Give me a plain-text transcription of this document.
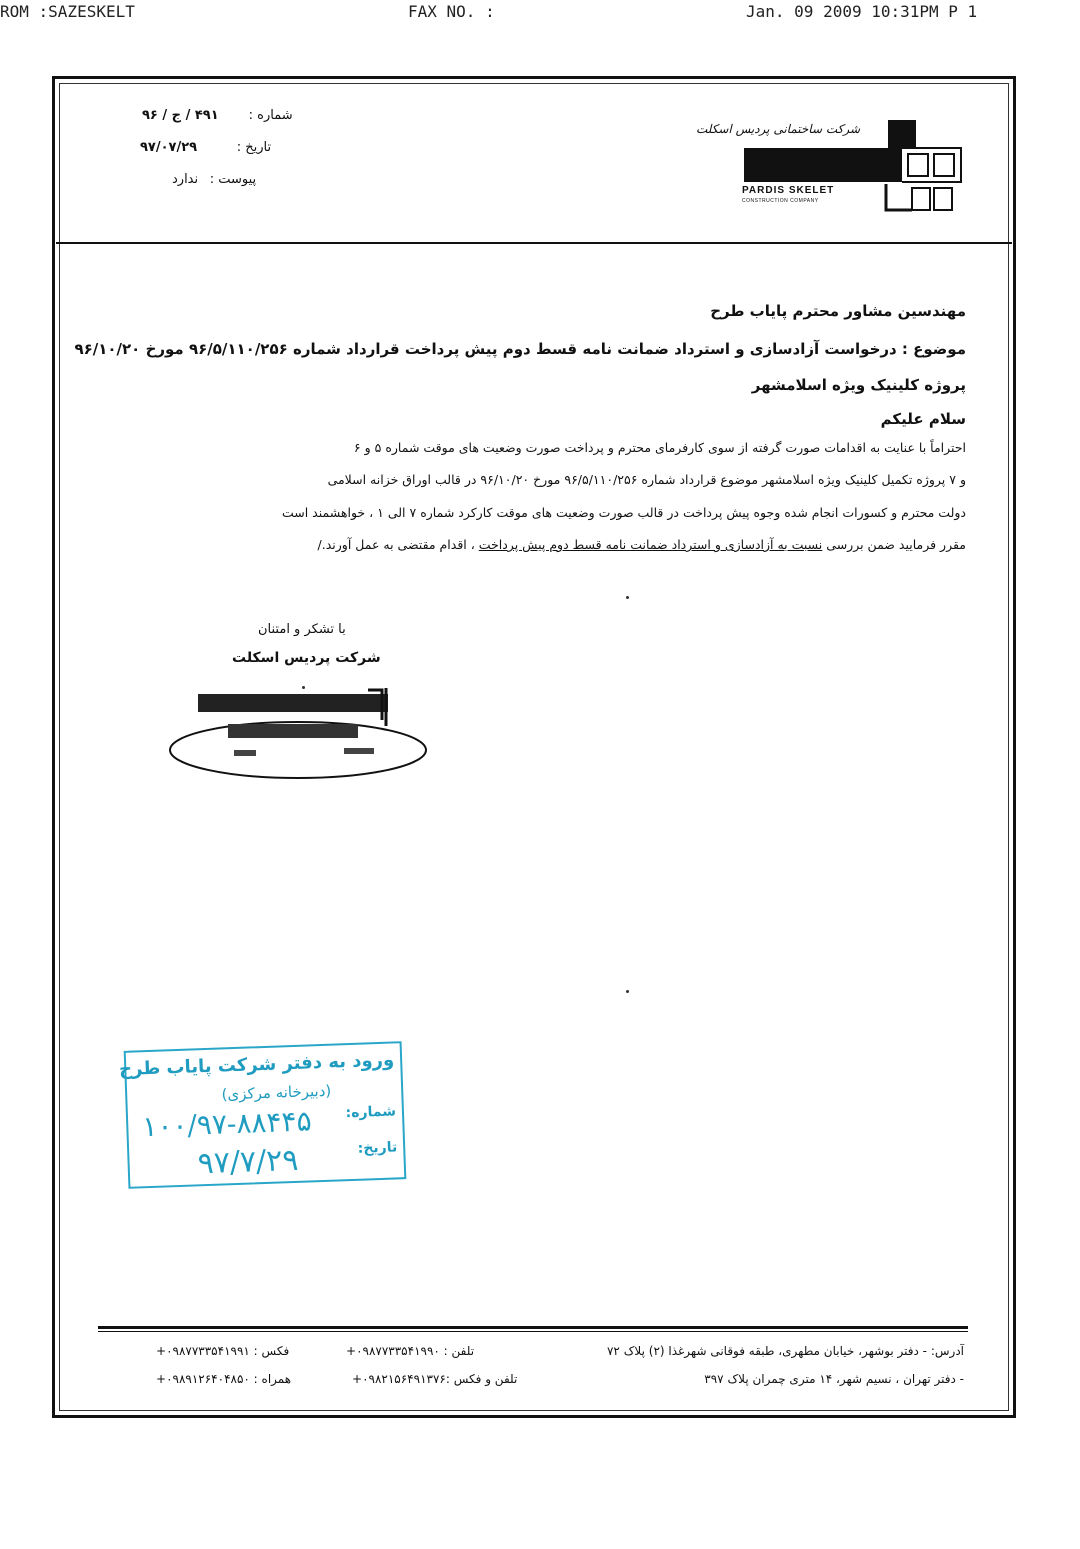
ROM :SAZESKELT	FAX NO. :	Jan. 09 2009 10:31PM P 1
شرکت ساختمانی پردیس اسکلت
PARDIS SKELET
CONSTRUCTION COMPANY
شماره :۴۹۱ / ج / ۹۶
تاریخ :۹۷/۰۷/۲۹
پیوست :ندارد
مهندسین مشاور محترم پایاب طرح
موضوع : درخواست آزادسازی و استرداد ضمانت نامه قسط دوم پیش پرداخت قرارداد شماره ۹۶/۵/۱۱۰/۲۵۶ مورخ ۹۶/۱۰/۲۰
پروژه کلینیک ویژه اسلامشهر
سلام علیکم
احتراماً با عنایت به اقدامات صورت گرفته از سوی کارفرمای محترم و پرداخت صورت وضعیت های موقت شماره ۵ و ۶
و ۷ پروژه تکمیل کلینیک ویژه اسلامشهر موضوع قرارداد شماره ۹۶/۵/۱۱۰/۲۵۶ مورخ ۹۶/۱۰/۲۰ در قالب اوراق خزانه اسلامی
دولت محترم و کسورات انجام شده وجوه پیش پرداخت در قالب صورت وضعیت های موقت کارکرد شماره ۷ الی ۱ ، خواهشمند است
مقرر فرمایید ضمن بررسی نسبت به آزادسازی و استرداد ضمانت نامه قسط دوم پیش پرداخت ، اقدام مقتضی به عمل آورند./
با تشکر و امتنان
شرکت پردیس اسکلت
ورود به دفتر شرکت پایاب طرح
(دبیرخانه مرکزی)
شماره:
۱۰۰/۹۷-۸۸۴۴۵
تاریخ:
۹۷/۷/۲۹
آدرس: - دفتر بوشهر، خیابان مطهری، طبقه فوقانی شهرغذا (۲) پلاک ۷۲
تلفن : ۰۹۸۷۷۳۳۵۴۱۹۹۰+
فکس : ۰۹۸۷۷۳۳۵۴۱۹۹۱+
- دفتر تهران ، نسیم شهر، ۱۴ متری چمران پلاک ۳۹۷
تلفن و فکس :۰۹۸۲۱۵۶۴۹۱۳۷۶+
همراه : ۰۹۸۹۱۲۶۴۰۴۸۵۰+
